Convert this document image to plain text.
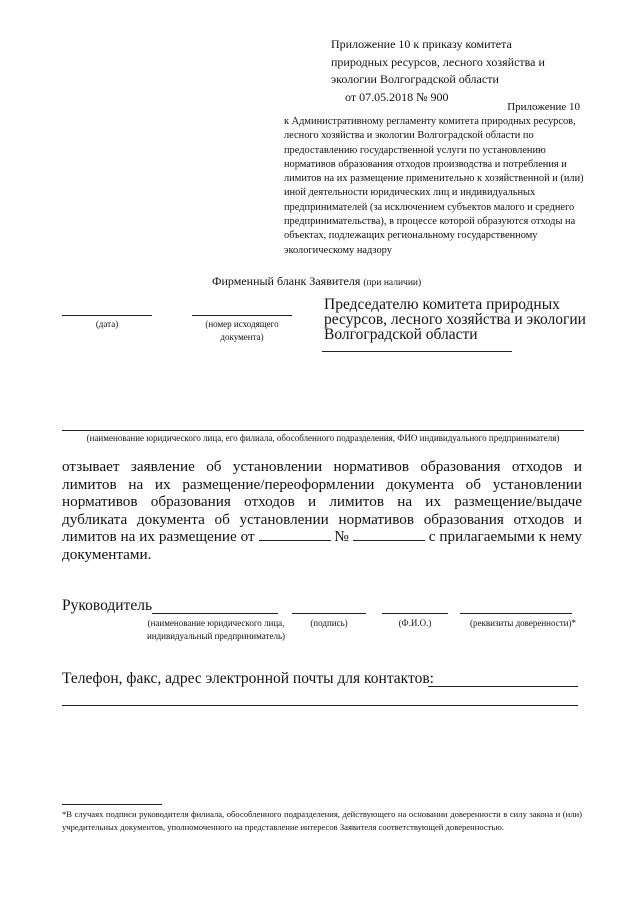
Приложение 10 к приказу комитета
природных ресурсов, лесного хозяйства и
экологии Волгоградской области
от 07.05.2018 № 900
Приложение 10
к Административному регламенту комитета природных ресурсов, лесного хозяйства и экологии Волгоградской области по предоставлению государственной услуги по установлению нормативов образования отходов производства и потребления и лимитов на их размещение применительно к хозяйственной и (или) иной деятельности юридических лиц и индивидуальных предпринимателей (за исключением субъектов малого и среднего предпринимательства), в процессе которой образуются отходы на объектах, подлежащих региональному государственному экологическому надзору
Фирменный бланк Заявителя (при наличии)
(дата)	(номер исходящего документа)
Председателю комитета природных ресурсов, лесного хозяйства и экологии Волгоградской области
(наименование юридического лица, его филиала, обособленного подразделения, ФИО индивидуального предпринимателя)
отзывает заявление об установлении нормативов образования отходов и лимитов на их размещение/переоформлении документа об установлении нормативов образования отходов и лимитов на их размещение/выдаче дубликата документа об установлении нормативов образования отходов и лимитов на их размещение от	№	с прилагаемыми к нему документами.
Руководитель
(наименование юридического лица, индивидуальный предприниматель)
(подпись)	(Ф.И.О.)	(реквизиты доверенности)*
Телефон, факс, адрес электронной почты для контактов:
*В случаях подписи руководителя филиала, обособленного подразделения, действующего на основании доверенности в силу закона и (или) учредительных документов, уполномоченного на представление интересов Заявителя соответствующей доверенностью.
